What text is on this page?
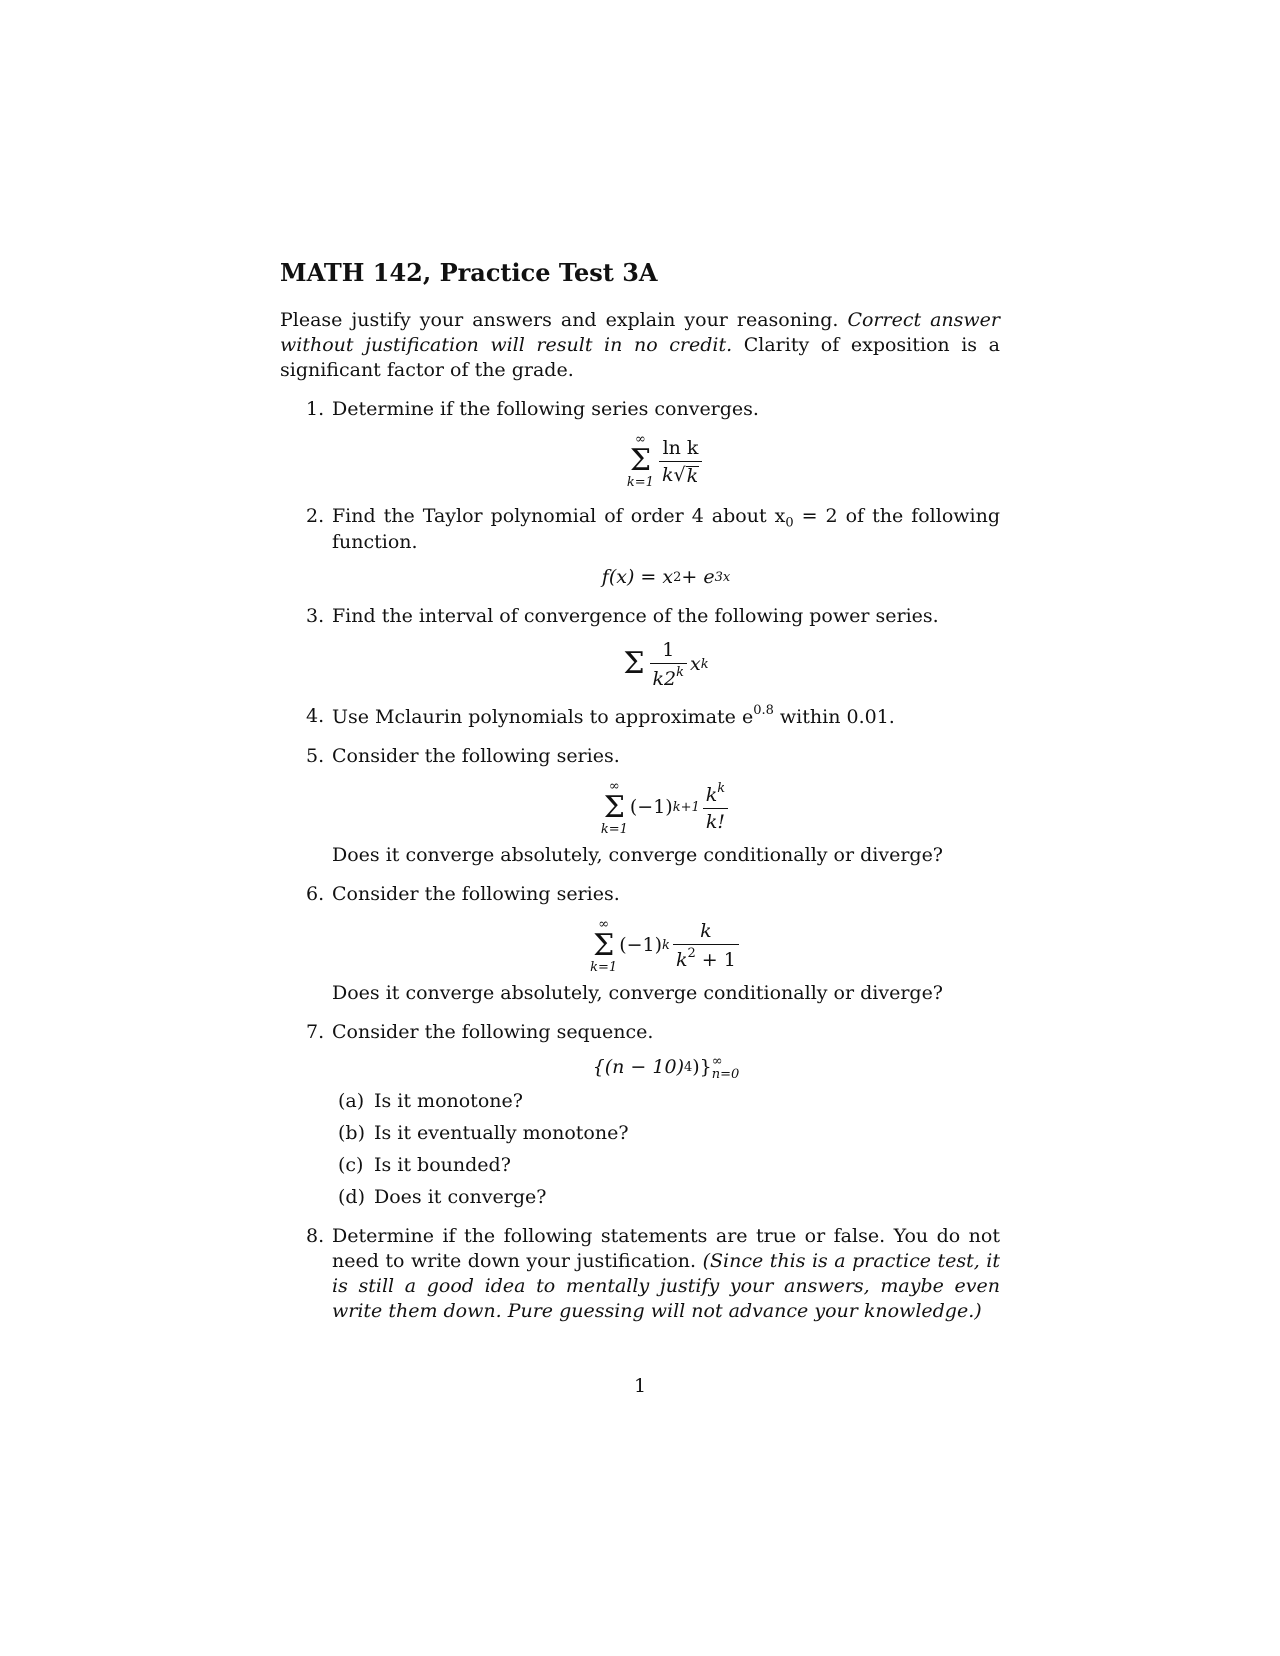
MATH 142, Practice Test 3A

Please justify your answers and explain your reasoning. Correct answer without justification will result in no credit. Clarity of exposition is a significant factor of the grade.

1. Determine if the following series converges.
∞
Σ
$k=1 \frac{\text{ln k}}{k √ k}$
2. Find the Taylor polynomial of order 4 about $x_0 = 2$ of the following function.
f(x) = x 2 + e 3x
3. Find the interval of convergence of the following power series.
Σ $\frac{1}{k2^k}$ x k
4. Use Mclaurin polynomials to approximate $e^{0.8}$ within 0.01.
5. Consider the following series.
∞
Σ
k=1
(−1) $k+1 \frac{k^k}{k!}$
Does it converge absolutely, converge conditionally or diverge?
6. Consider the following series.
∞
Σ
k=1
(−1) k $\frac{k}{k^2 + 1}$
Does it converge absolutely, converge conditionally or diverge?
7. Consider the following sequence.
{(n − 10) 4 )} ∞
n=0
(a) Is it monotone?
(b) Is it eventually monotone?
(c) Is it bounded?
(d) Does it converge?
8. Determine if the following statements are true or false. You do not need to write down your justification. (Since this is a practice test, it is still a good idea to mentally justify your answers, maybe even write them down. Pure guessing will not advance your knowledge.)
1
